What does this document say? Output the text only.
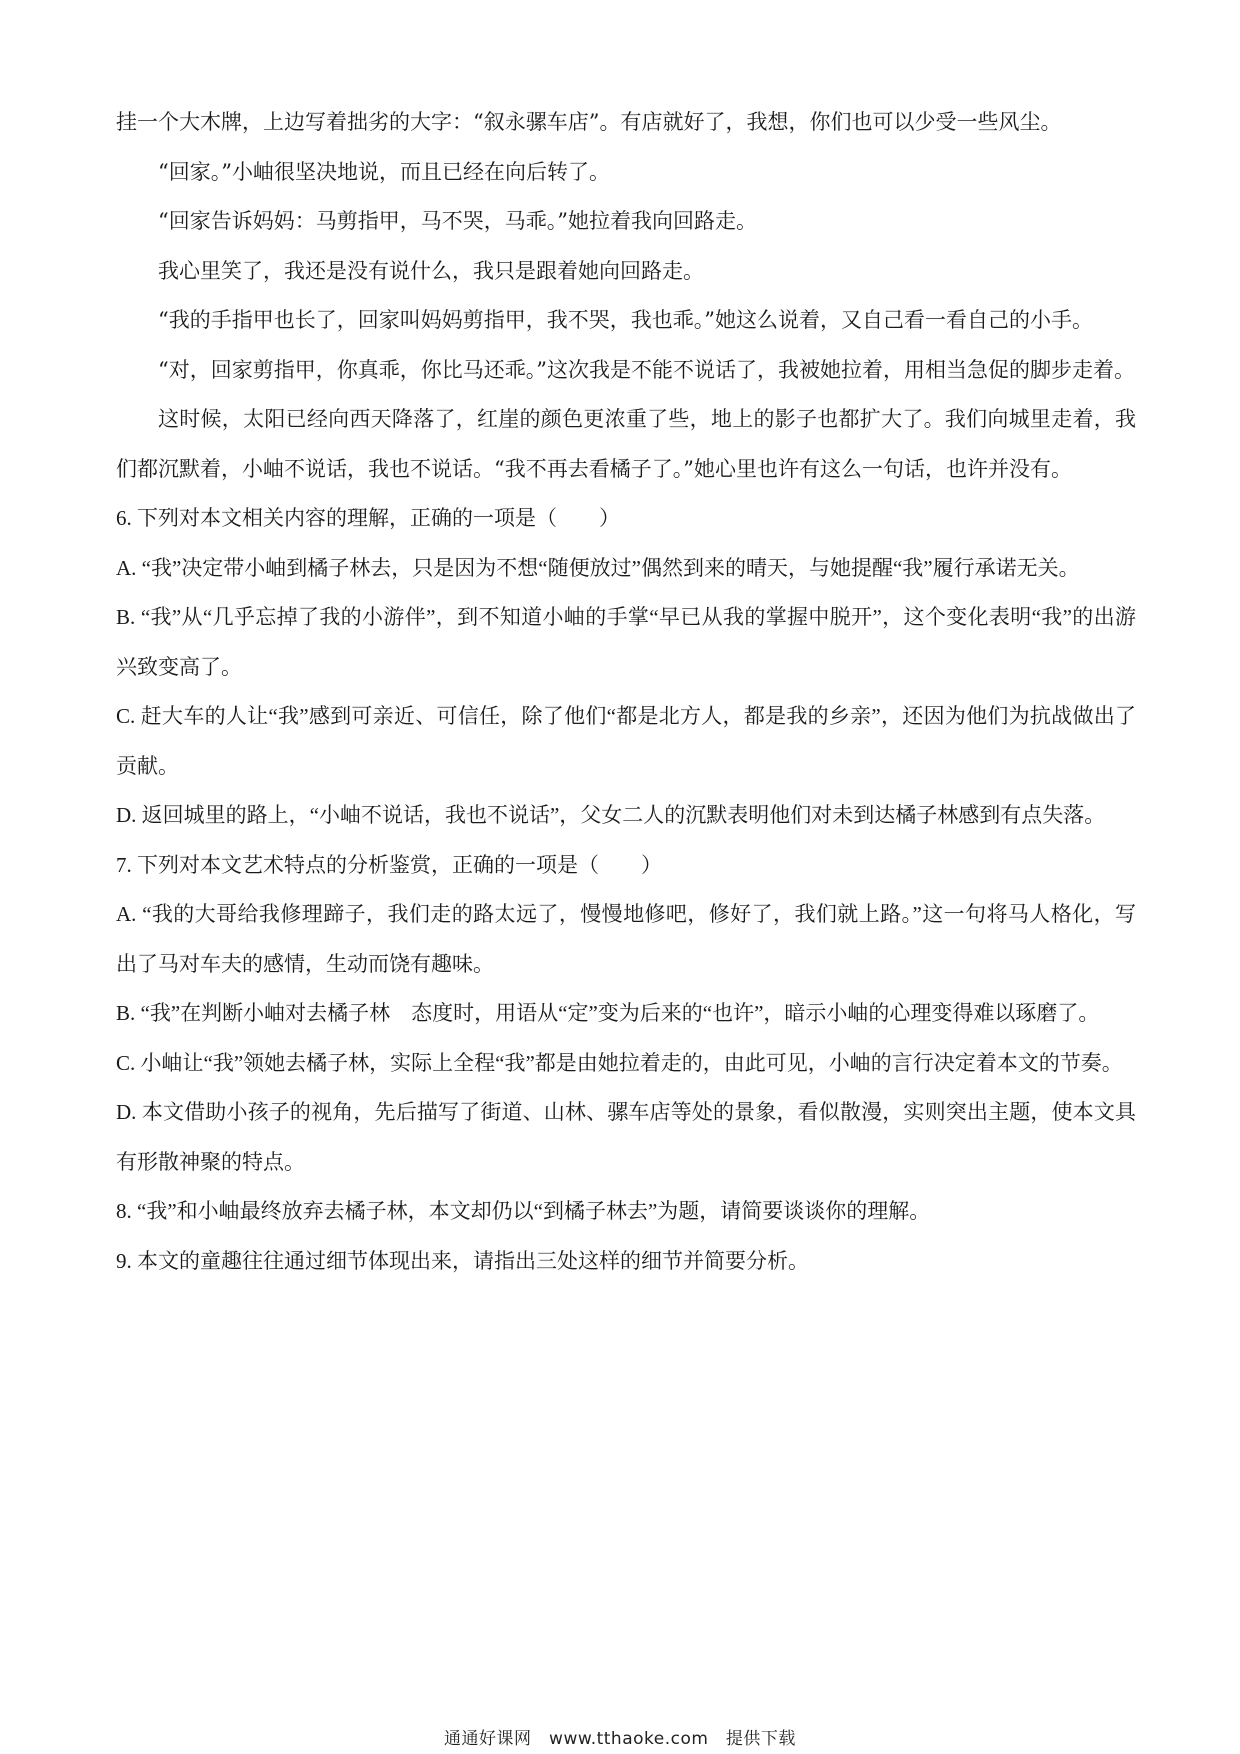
挂一个大木牌，上边写着拙劣的大字：“叙永骡车店”。有店就好了，我想，你们也可以少受一些风尘。

“回家。”小岫很坚决地说，而且已经在向后转了。

“回家告诉妈妈：马剪指甲，马不哭，马乖。”她拉着我向回路走。

我心里笑了，我还是没有说什么，我只是跟着她向回路走。

“我的手指甲也长了，回家叫妈妈剪指甲，我不哭，我也乖。”她这么说着，又自己看一看自己的小手。

“对，回家剪指甲，你真乖，你比马还乖。”这次我是不能不说话了，我被她拉着，用相当急促的脚步走着。

这时候，太阳已经向西天降落了，红崖的颜色更浓重了些，地上的影子也都扩大了。我们向城里走着，我们都沉默着，小岫不说话，我也不说话。“我不再去看橘子了。”她心里也许有这么一句话，也许并没有。

6. 下列对本文相关内容的理解，正确的一项是（　　）

A. “我”决定带小岫到橘子林去，只是因为不想“随便放过”偶然到来的晴天，与她提醒“我”履行承诺无关。

B. “我”从“几乎忘掉了我的小游伴”，到不知道小岫的手掌“早已从我的掌握中脱开”，这个变化表明“我”的出游兴致变高了。

C. 赶大车的人让“我”感到可亲近、可信任，除了他们“都是北方人，都是我的乡亲”，还因为他们为抗战做出了贡献。

D. 返回城里的路上，“小岫不说话，我也不说话”，父女二人的沉默表明他们对未到达橘子林感到有点失落。

7. 下列对本文艺术特点的分析鉴赏，正确的一项是（　　）

A. “我的大哥给我修理蹄子，我们走的路太远了，慢慢地修吧，修好了，我们就上路。”这一句将马人格化，写出了马对车夫的感情，生动而饶有趣味。

B. “我”在判断小岫对去橘子林　态度时，用语从“定”变为后来的“也许”，暗示小岫的心理变得难以琢磨了。

C. 小岫让“我”领她去橘子林，实际上全程“我”都是由她拉着走的，由此可见，小岫的言行决定着本文的节奏。

D. 本文借助小孩子的视角，先后描写了街道、山林、骡车店等处的景象，看似散漫，实则突出主题，使本文具有形散神聚的特点。

8. “我”和小岫最终放弃去橘子林，本文却仍以“到橘子林去”为题，请简要谈谈你的理解。

9. 本文的童趣往往通过细节体现出来，请指出三处这样的细节并简要分析。

通通好课网　www.tthaoke.com　提供下载
